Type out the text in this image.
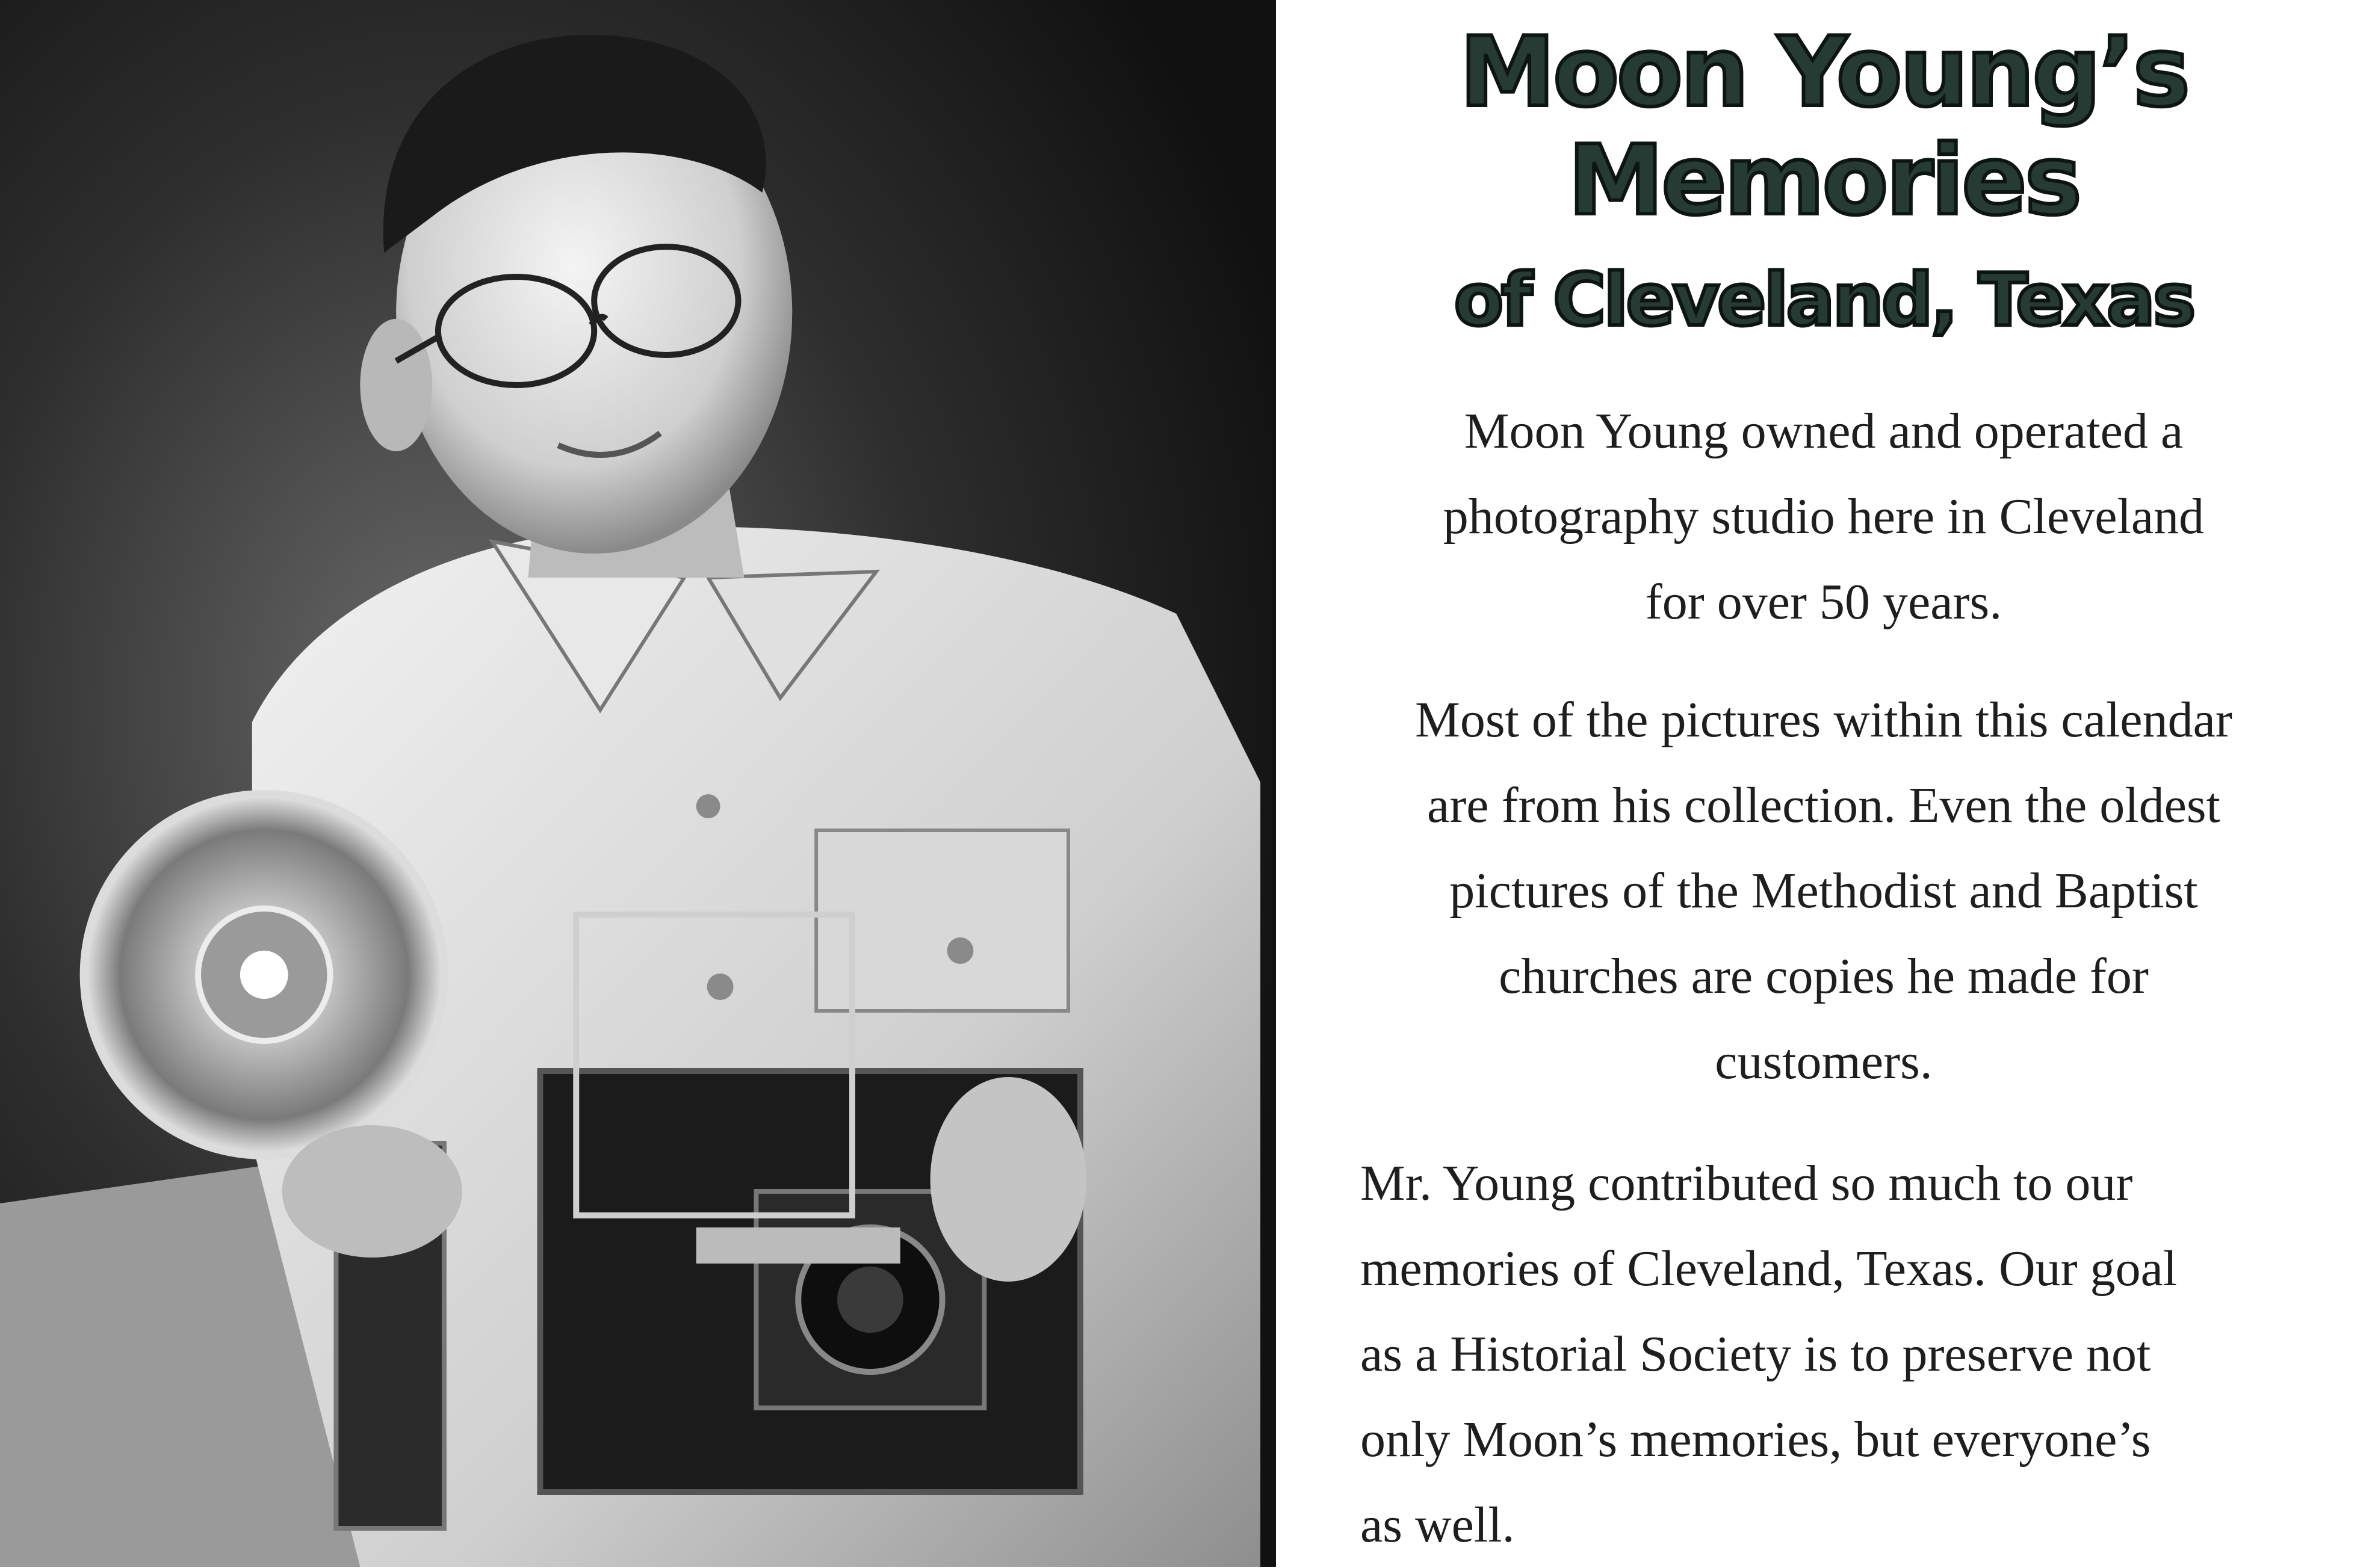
Moon Young’s
Memories
of Cleveland, Texas
Moon Young owned and operated a
photography studio here in Cleveland
for over 50 years.
Most of the pictures within this calendar
are from his collection. Even the oldest
pictures of the Methodist and Baptist
churches are copies he made for
customers.
Mr. Young contributed so much to our
memories of Cleveland, Texas. Our goal
as a Historial Society is to preserve not
only Moon’s memories, but everyone’s
as well.
